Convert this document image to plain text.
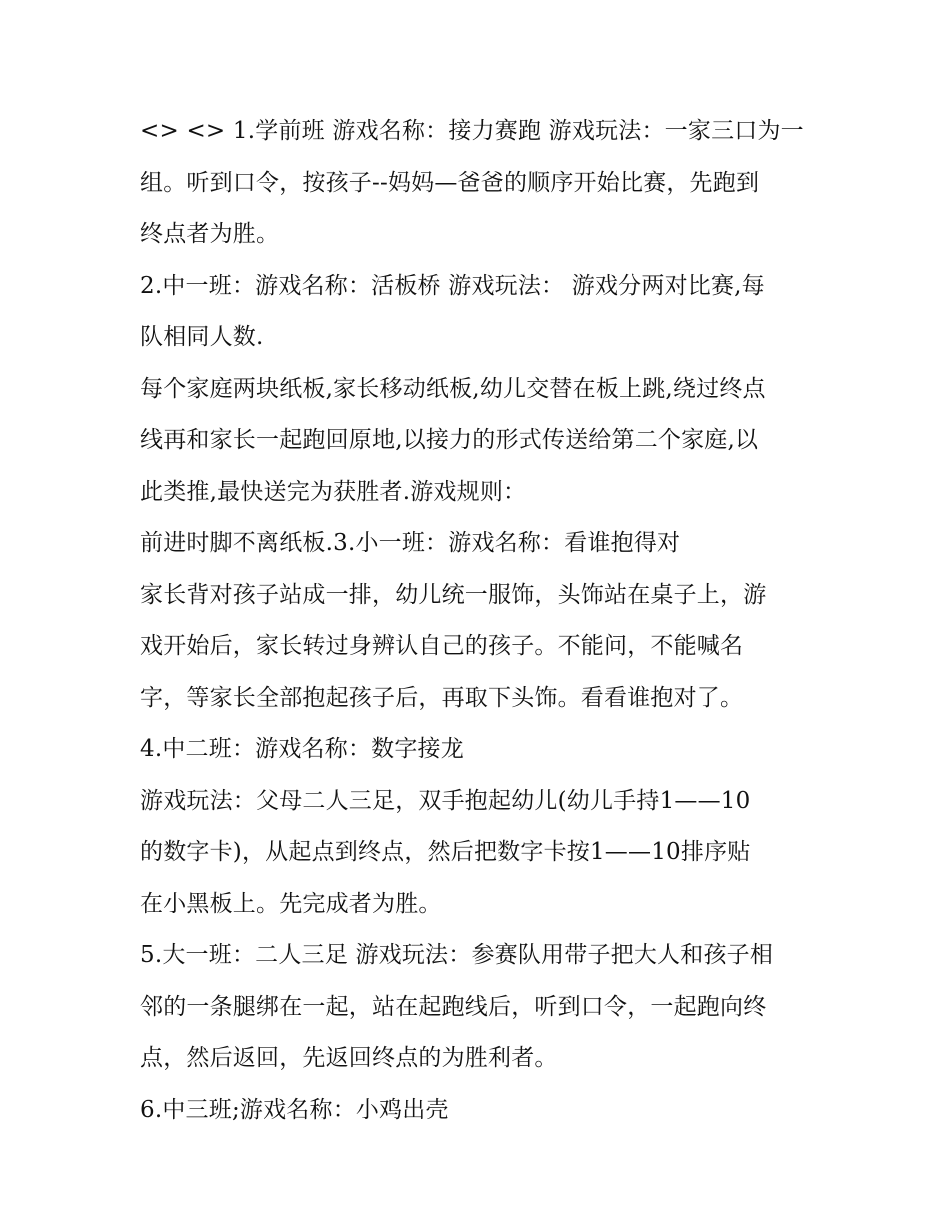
<> <> 1.学前班 游戏名称：接力赛跑 游戏玩法：一家三口为一
组。听到口令，按孩子--妈妈—爸爸的顺序开始比赛，先跑到
终点者为胜。
2.中一班：游戏名称：活板桥 游戏玩法： 游戏分两对比赛,每
队相同人数.
每个家庭两块纸板,家长移动纸板,幼儿交替在板上跳,绕过终点
线再和家长一起跑回原地,以接力的形式传送给第二个家庭,以
此类推,最快送完为获胜者.游戏规则：
前进时脚不离纸板.3.小一班：游戏名称：看谁抱得对
家长背对孩子站成一排，幼儿统一服饰，头饰站在桌子上，游
戏开始后，家长转过身辨认自己的孩子。不能问，不能喊名
字，等家长全部抱起孩子后，再取下头饰。看看谁抱对了。
4.中二班：游戏名称：数字接龙
游戏玩法：父母二人三足，双手抱起幼儿(幼儿手持1——10
的数字卡)，从起点到终点，然后把数字卡按1——10排序贴
在小黑板上。先完成者为胜。
5.大一班：二人三足 游戏玩法：参赛队用带子把大人和孩子相
邻的一条腿绑在一起，站在起跑线后，听到口令，一起跑向终
点，然后返回，先返回终点的为胜利者。
6.中三班;游戏名称：小鸡出壳
